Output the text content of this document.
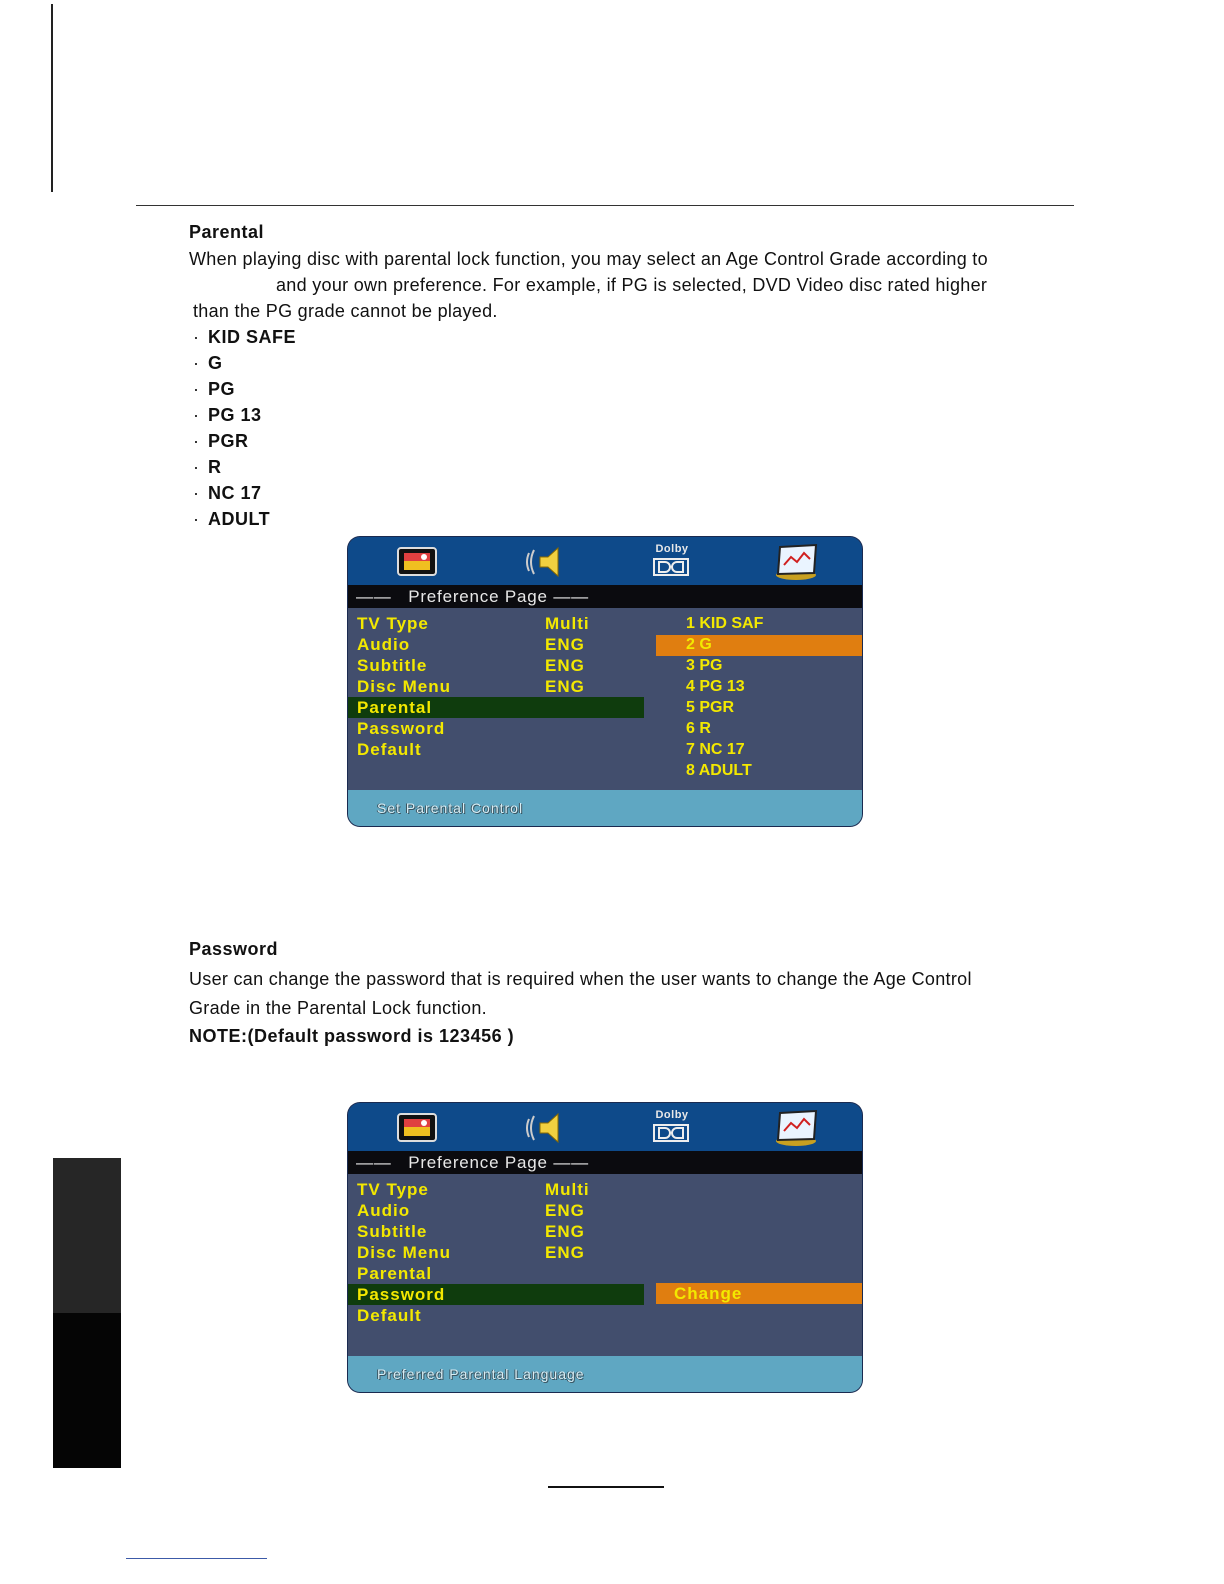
Parental
When playing disc with parental lock function, you may select an Age Control Grade according to
and your own preference. For example, if PG is selected, DVD Video disc rated higher
than the PG grade cannot be played.
· KID SAFE
· G
· PG
· PG 13
· PGR
· R
· NC 17
· ADULT
Dolby
—— Preference Page ——
TV Type
Audio
Subtitle
Disc Menu
Parental
Password
Default
Multi
ENG
ENG
ENG
1 KID SAF
2 G
3 PG
4 PG 13
5 PGR
6 R
7 NC 17
8 ADULT
Set Parental Control
Password
User can change the password that is required when the user wants to change the Age Control
Grade in the Parental Lock function.
NOTE:(Default password is 123456 )
Dolby
—— Preference Page ——
TV Type
Audio
Subtitle
Disc Menu
Parental
Password
Default
Multi
ENG
ENG
ENG
Change
Preferred Parental Language
